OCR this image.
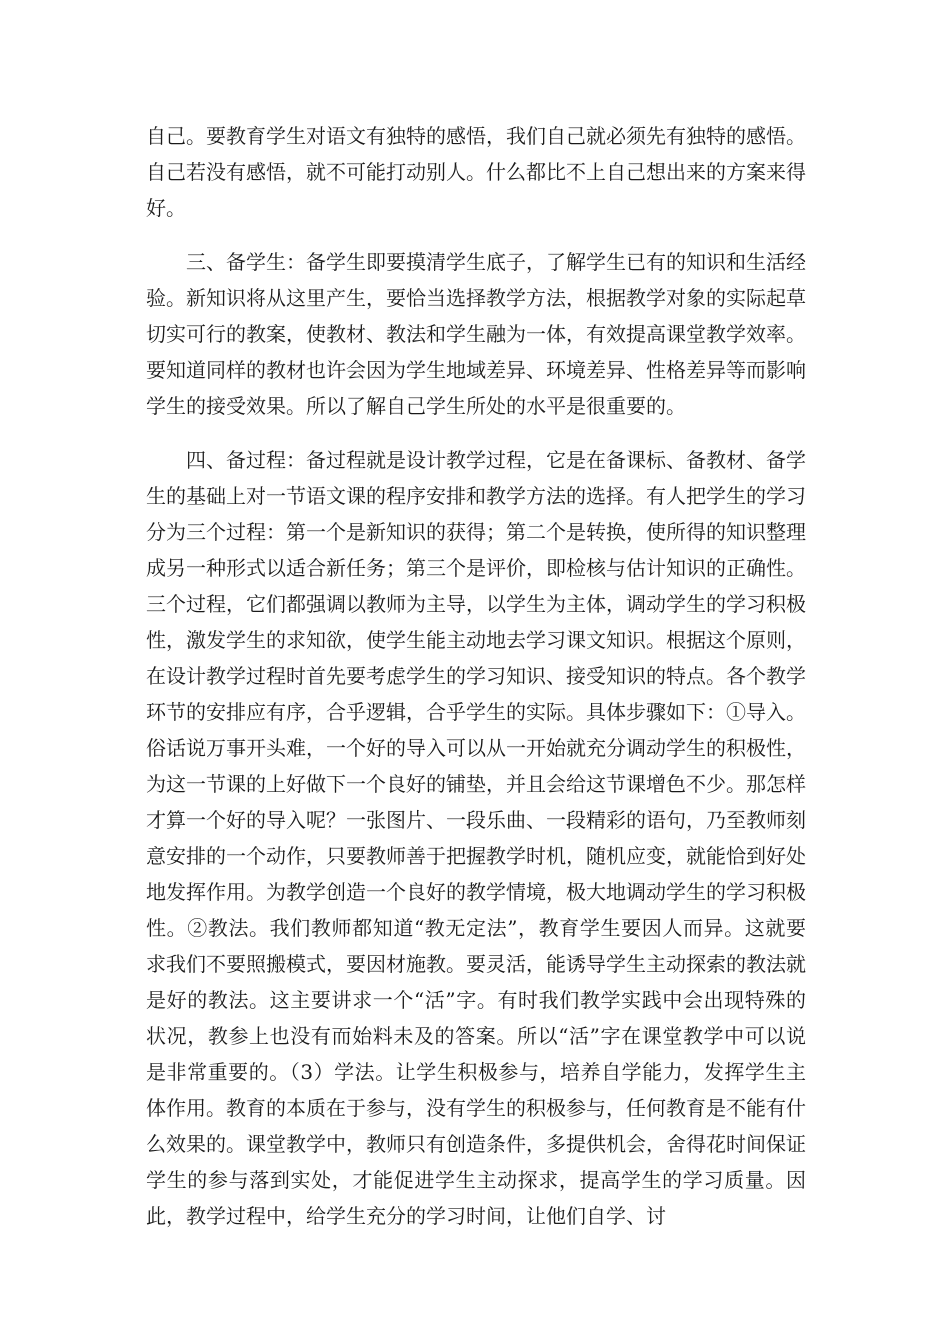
自己。要教育学生对语文有独特的感悟，我们自己就必须先有独特的感悟。自己若没有感悟，就不可能打动别人。什么都比不上自己想出来的方案来得好。

三、备学生：备学生即要摸清学生底子，了解学生已有的知识和生活经验。新知识将从这里产生，要恰当选择教学方法，根据教学对象的实际起草切实可行的教案，使教材、教法和学生融为一体，有效提高课堂教学效率。要知道同样的教材也许会因为学生地域差异、环境差异、性格差异等而影响学生的接受效果。所以了解自己学生所处的水平是很重要的。

四、备过程：备过程就是设计教学过程，它是在备课标、备教材、备学生的基础上对一节语文课的程序安排和教学方法的选择。有人把学生的学习分为三个过程：第一个是新知识的获得；第二个是转换，使所得的知识整理成另一种形式以适合新任务；第三个是评价，即检核与估计知识的正确性。三个过程，它们都强调以教师为主导，以学生为主体，调动学生的学习积极性，激发学生的求知欲，使学生能主动地去学习课文知识。根据这个原则，在设计教学过程时首先要考虑学生的学习知识、接受知识的特点。各个教学环节的安排应有序，合乎逻辑，合乎学生的实际。具体步骤如下：①导入。俗话说万事开头难，一个好的导入可以从一开始就充分调动学生的积极性，为这一节课的上好做下一个良好的铺垫，并且会给这节课增色不少。那怎样才算一个好的导入呢？一张图片、一段乐曲、一段精彩的语句，乃至教师刻意安排的一个动作，只要教师善于把握教学时机，随机应变，就能恰到好处地发挥作用。为教学创造一个良好的教学情境，极大地调动学生的学习积极性。②教法。我们教师都知道“教无定法”，教育学生要因人而异。这就要求我们不要照搬模式，要因材施教。要灵活，能诱导学生主动探索的教法就是好的教法。这主要讲求一个“活”字。有时我们教学实践中会出现特殊的状况，教参上也没有而始料未及的答案。所以“活”字在课堂教学中可以说是非常重要的。（3）学法。让学生积极参与，培养自学能力，发挥学生主体作用。教育的本质在于参与，没有学生的积极参与，任何教育是不能有什么效果的。课堂教学中，教师只有创造条件，多提供机会，舍得花时间保证学生的参与落到实处，才能促进学生主动探求，提高学生的学习质量。因此，教学过程中，给学生充分的学习时间，让他们自学、讨
